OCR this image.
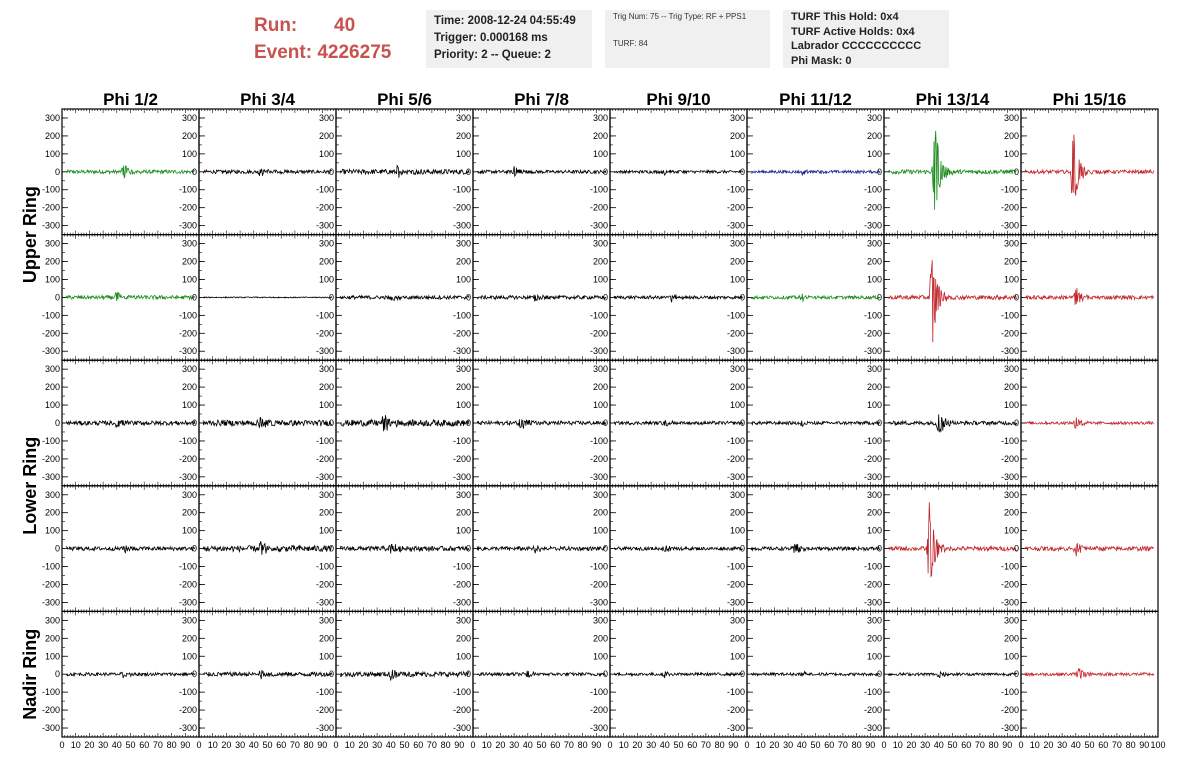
Run: 40
Event: 4226275
Time: 2008-12-24 04:55:49
Trigger: 0.000168 ms
Priority: 2 -- Queue: 2
Trig Num: 75 -- Trig Type: RF + PPS1
TURF: 84
TURF This Hold: 0x4
TURF Active Holds: 0x4
Labrador CCCCCCCCCC
Phi Mask: 0
Phi 1/2	Phi 3/4	Phi 5/6	Phi 7/8	Phi 9/10	Phi 11/12	Phi 13/14	Phi 15/16
Upper Ring
Lower Ring
Nadir Ring
-300
-200
-100
0
100
200
300
-300
-200
-100
0
100
200
300
-300
-200
-100
0
100
200
300
-300
-200
-100
0
100
200
300
-300
-200
-100
0
100
200
300
-300
-200
-100
0
100
200
300
-300
-200
-100
0
100
200
300
-300
-200
-100
0
100
200
300
-300
-200
-100
0
100
200
300
-300
-200
-100
0
100
200
300
-300
-200
-100
0
100
200
300
-300
-200
-100
0
100
200
300
-300
-200
-100
0
100
200
300
-300
-200
-100
0
100
200
300
-300
-200
-100
0
100
200
300
-300
-200
-100
0
100
200
300
-300
-200
-100
0
100
200
300
-300
-200
-100
0
100
200
300
-300
-200
-100
0
100
200
300
-300
-200
-100
0
100
200
300
-300
-200
-100
0
100
200
300
-300
-200
-100
0
100
200
300
-300
-200
-100
0
100
200
300
-300
-200
-100
0
100
200
300
-300
-200
-100
0
100
200
300
-300
-200
-100
0
100
200
300
-300
-200
-100
0
100
200
300
-300
-200
-100
0
100
200
300
-300
-200
-100
0
100
200
300
-300
-200
-100
0
100
200
300
-300
-200
-100
0
100
200
300
-300
-200
-100
0
100
200
300
-300
-200
-100
0
100
200
300
-300
-200
-100
0
100
200
300
-300
-200
-100
0
100
200
300
-300
-200
-100
0
100
200
300
-300
-200
-100
0
100
200
300
-300
-200
-100
0
100
200
300
-300
-200
-100
0
100
200
300
-300
-200
-100
0
100
200
300
0 10 20 30 40 50 60 70 80 90 0 10 20 30 40 50 60 70 80 90 0 10 20 30 40 50 60 70 80 90 0 10 20 30 40 50 60 70 80 90 0 10 20 30 40 50 60 70 80 90 0 10 20 30 40 50 60 70 80 90 0 10 20 30 40 50 60 70 80 90 0 10 20 30 40 50 60 70 80 90 100
